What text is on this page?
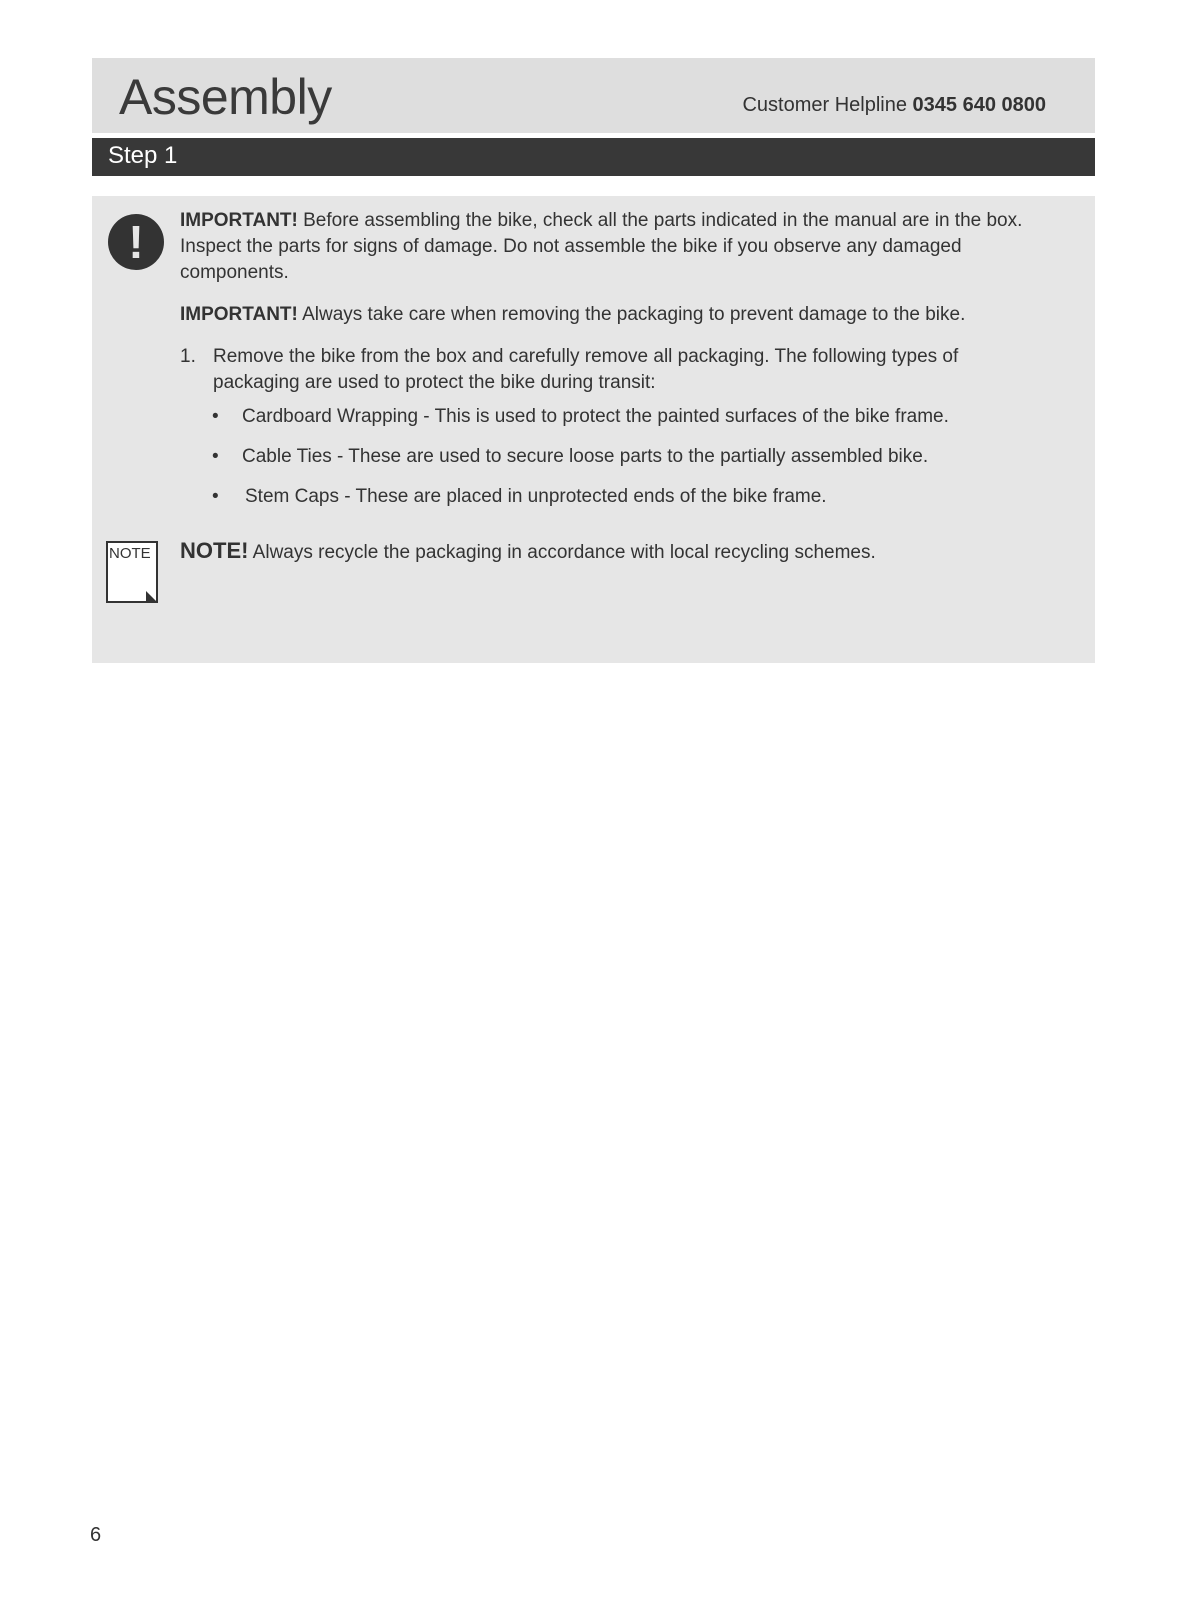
Assembly	Customer Helpline 0345 640 0800
Step 1
!	IMPORTANT! Before assembling the bike, check all the parts indicated in the manual are in the box. Inspect the parts for signs of damage. Do not assemble the bike if you observe any damaged components.
IMPORTANT! Always take care when removing the packaging to prevent damage to the bike.
1. Remove the bike from the box and carefully remove all packaging. The following types of packaging are used to protect the bike during transit:
• Cardboard Wrapping - This is used to protect the painted surfaces of the bike frame.
• Cable Ties - These are used to secure loose parts to the partially assembled bike.
• Stem Caps - These are placed in unprotected ends of the bike frame.
NOTE NOTE! Always recycle the packaging in accordance with local recycling schemes.
6
